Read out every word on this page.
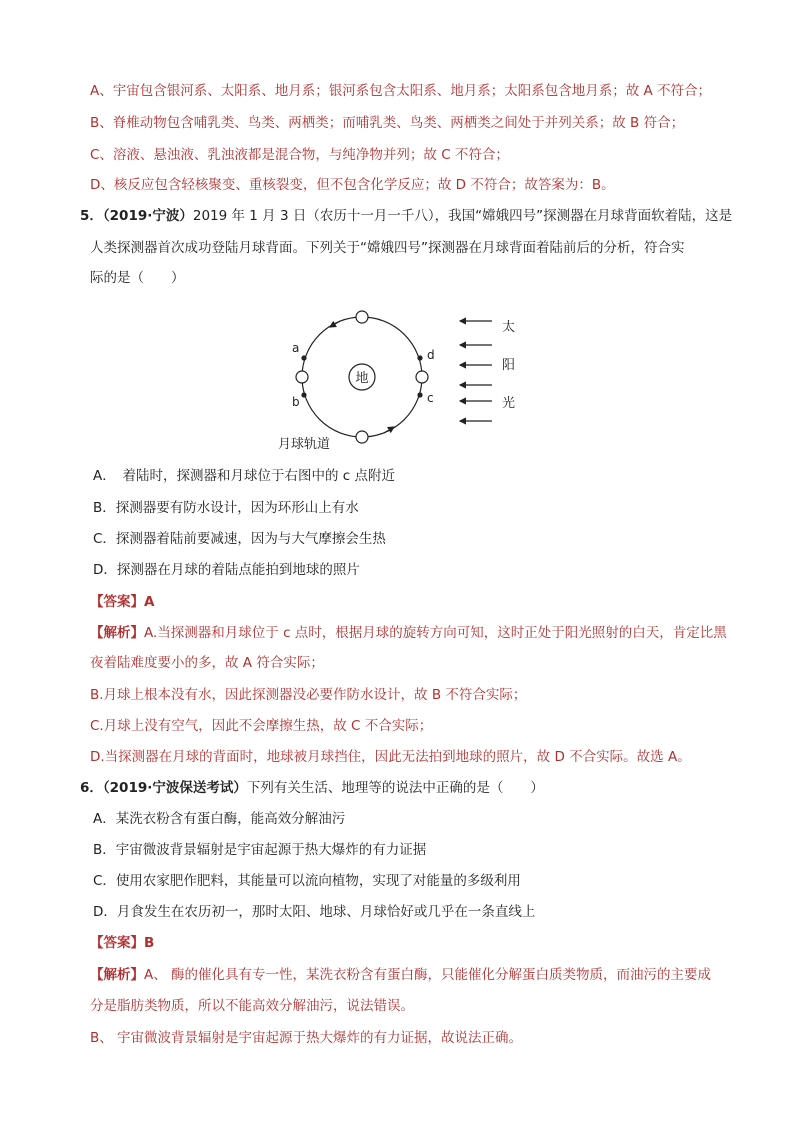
A、宇宙包含银河系、太阳系、地月系；银河系包含太阳系、地月系；太阳系包含地月系；故 A 不符合；
B、脊椎动物包含哺乳类、鸟类、两栖类；而哺乳类、鸟类、两栖类之间处于并列关系；故 B 符合；
C、溶液、悬浊液、乳浊液都是混合物，与纯净物并列；故 C 不符合；
D、核反应包含轻核聚变、重核裂变，但不包含化学反应；故 D 不符合；故答案为：B。
5．（2019·宁波）2019 年 1 月 3 日（农历十一月一千八），我国“嫦娥四号”探测器在月球背面软着陆，这是
人类探测器首次成功登陆月球背面。下列关于“嫦娥四号”探测器在月球背面着陆前后的分析，符合实
际的是（　　）
地
a
b	c
d
太
阳
光
月球轨道
A．　着陆时，探测器和月球位于右图中的 c 点附近
B．探测器要有防水设计，因为环形山上有水
C．探测器着陆前要减速，因为与大气摩擦会生热
D．探测器在月球的着陆点能拍到地球的照片
【答案】A
【解析】A.当探测器和月球位于 c 点时，根据月球的旋转方向可知，这时正处于阳光照射的白天，肯定比黑
夜着陆难度要小的多，故 A 符合实际；
B.月球上根本没有水，因此探测器没必要作防水设计，故 B 不符合实际；
C.月球上没有空气，因此不会摩擦生热，故 C 不合实际；
D.当探测器在月球的背面时，地球被月球挡住，因此无法拍到地球的照片，故 D 不合实际。故选 A。
6．（2019·宁波保送考试）下列有关生活、地理等的说法中正确的是（　　）
A．某洗衣粉含有蛋白酶，能高效分解油污
B．宇宙微波背景辐射是宇宙起源于热大爆炸的有力证据
C．使用农家肥作肥料，其能量可以流向植物，实现了对能量的多级利用
D．月食发生在农历初一，那时太阳、地球、月球恰好或几乎在一条直线上
【答案】B
【解析】A、 酶的催化具有专一性，某洗衣粉含有蛋白酶，只能催化分解蛋白质类物质，而油污的主要成
分是脂肪类物质，所以不能高效分解油污，说法错误。
B、 宇宙微波背景辐射是宇宙起源于热大爆炸的有力证据，故说法正确。
